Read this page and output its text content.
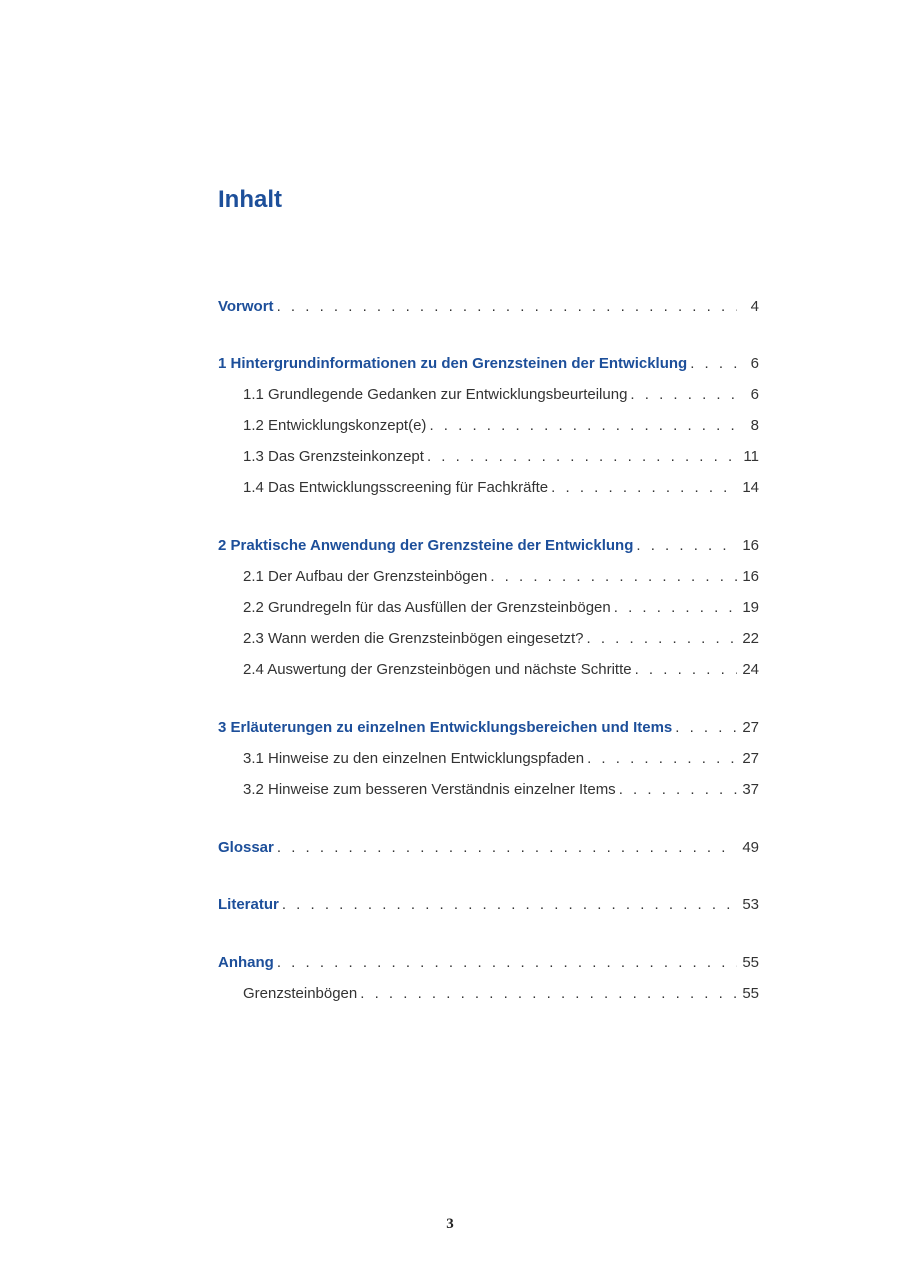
Inhalt
Vorwort . . .	4
1 Hintergrundinformationen zu den Grenzsteinen der Entwicklung . . .	6
1.1 Grundlegende Gedanken zur Entwicklungsbeurteilung . . .	6
1.2 Entwicklungskonzept(e) . . .	8
1.3 Das Grenzsteinkonzept . . .	11
1.4 Das Entwicklungsscreening für Fachkräfte . . .	14
2 Praktische Anwendung der Grenzsteine der Entwicklung . . .	16
2.1 Der Aufbau der Grenzsteinbögen . . .	16
2.2 Grundregeln für das Ausfüllen der Grenzsteinbögen . . .	19
2.3 Wann werden die Grenzsteinbögen eingesetzt? . . .	22
2.4 Auswertung der Grenzsteinbögen und nächste Schritte . . .	24
3 Erläuterungen zu einzelnen Entwicklungsbereichen und Items . . .	27
3.1 Hinweise zu den einzelnen Entwicklungspfaden . . .	27
3.2 Hinweise zum besseren Verständnis einzelner Items . . .	37
Glossar . . .	49
Literatur . . .	53
Anhang . . .	55
Grenzsteinbögen . . .	55
3
